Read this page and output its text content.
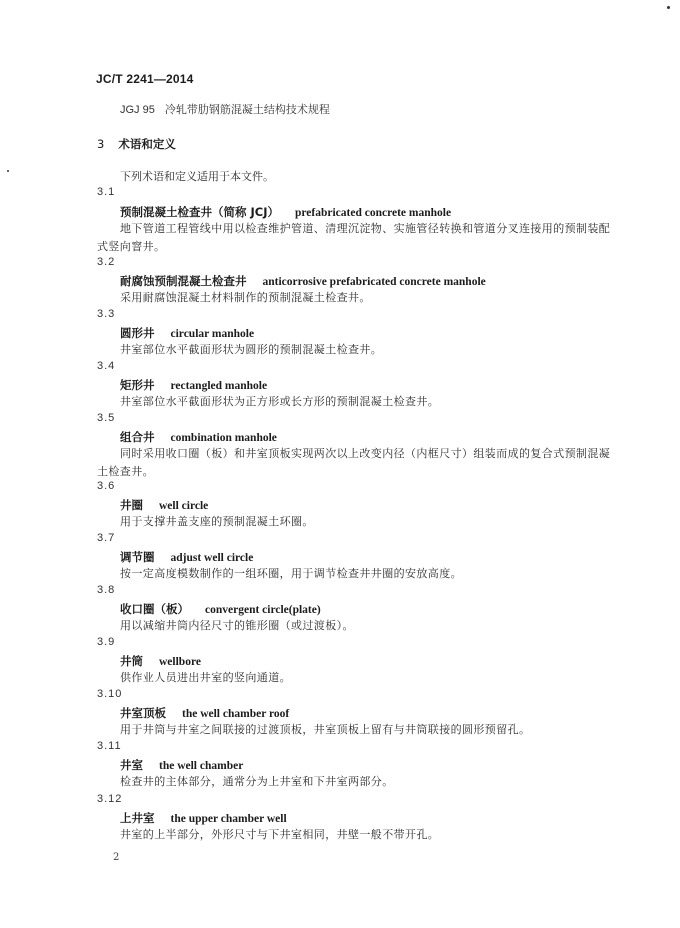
JC/T 2241—2014
JGJ 95 冷轧带肋钢筋混凝土结构技术规程
3 术语和定义
下列术语和定义适用于本文件。
3.1
预制混凝土检查井（简称 JCJ） prefabricated concrete manhole
地下管道工程管线中用以检查维护管道、清理沉淀物、实施管径转换和管道分叉连接用的预制装配式竖向窨井。
3.2
耐腐蚀预制混凝土检查井 anticorrosive prefabricated concrete manhole
采用耐腐蚀混凝土材料制作的预制混凝土检查井。
3.3
圆形井 circular manhole
井室部位水平截面形状为圆形的预制混凝土检查井。
3.4
矩形井 rectangled manhole
井室部位水平截面形状为正方形或长方形的预制混凝土检查井。
3.5
组合井 combination manhole
同时采用收口圈（板）和井室顶板实现两次以上改变内径（内框尺寸）组装而成的复合式预制混凝土检查井。
3.6
井圈 well circle
用于支撑井盖支座的预制混凝土环圈。
3.7
调节圈 adjust well circle
按一定高度模数制作的一组环圈，用于调节检查井井圈的安放高度。
3.8
收口圈（板） convergent circle(plate)
用以减缩井筒内径尺寸的锥形圈（或过渡板）。
3.9
井筒 wellbore
供作业人员进出井室的竖向通道。
3.10
井室顶板 the well chamber roof
用于井筒与井室之间联接的过渡顶板，井室顶板上留有与井筒联接的圆形预留孔。
3.11
井室 the well chamber
检查井的主体部分，通常分为上井室和下井室两部分。
3.12
上井室 the upper chamber well
井室的上半部分，外形尺寸与下井室相同，井壁一般不带开孔。
2
